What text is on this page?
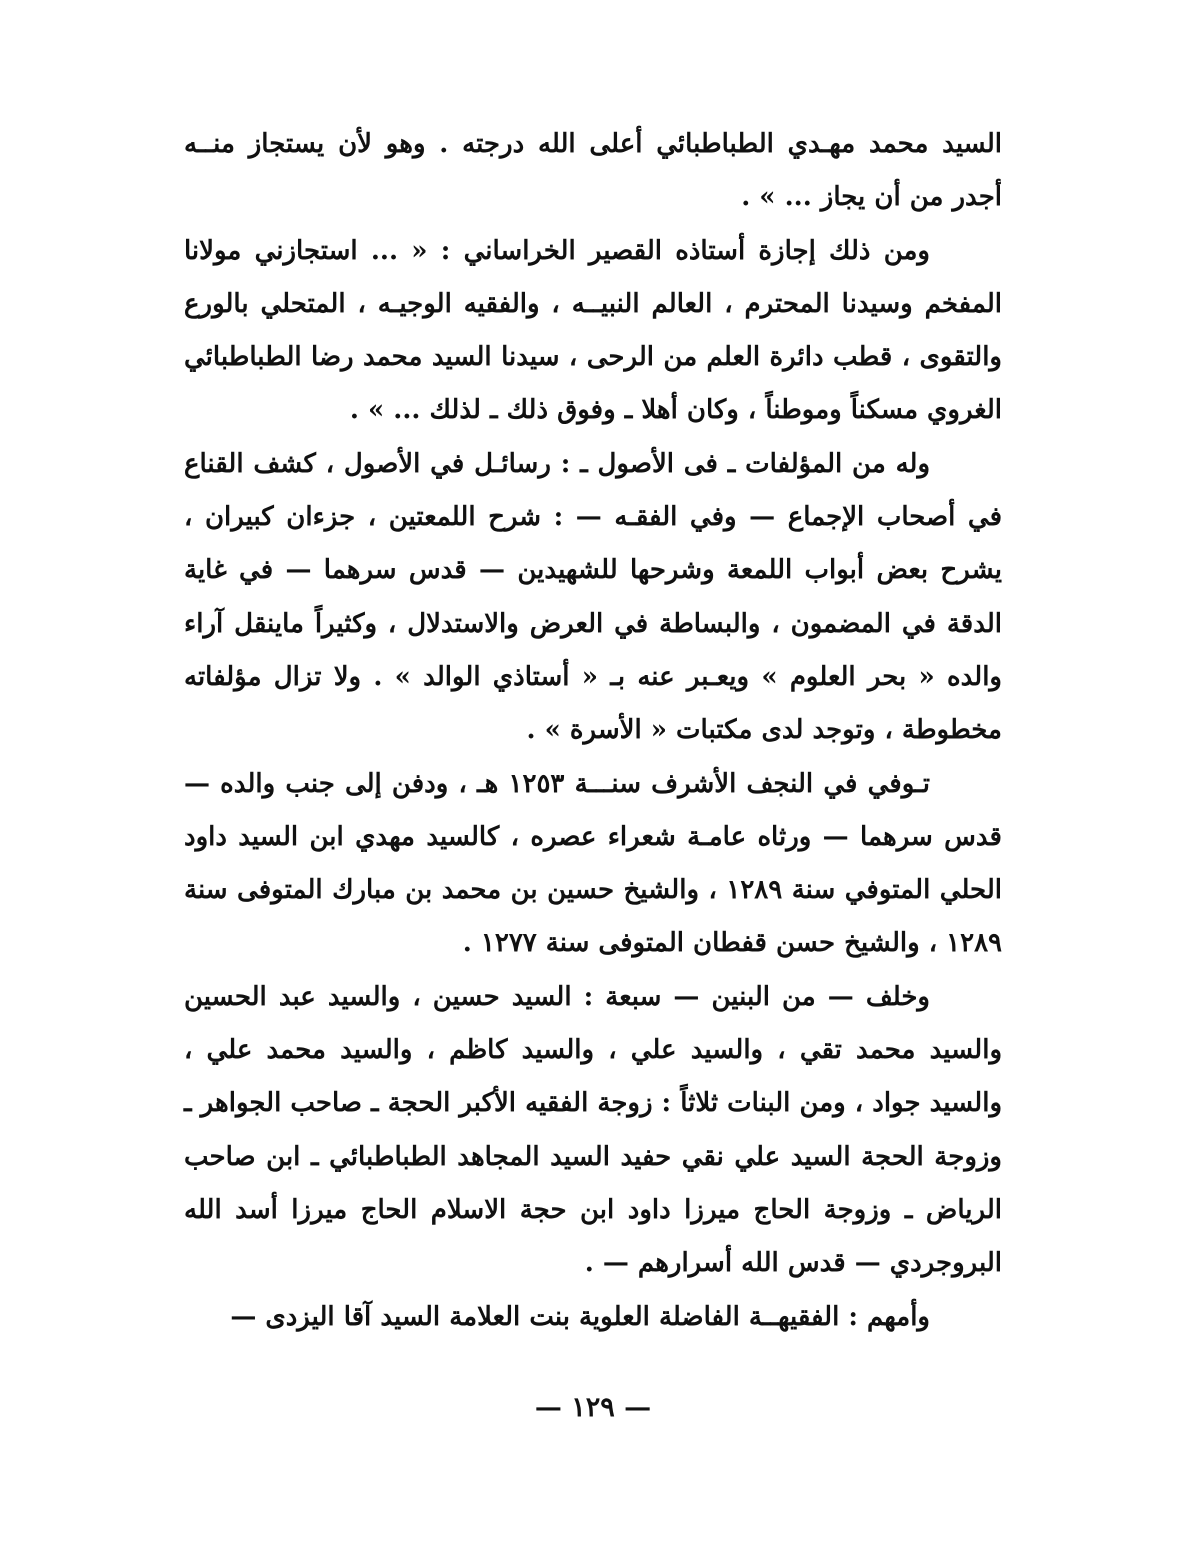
السيد محمد مهـدي الطباطبائي أعلى الله درجته . وهو لأن يستجاز منــه أجدر من أن يجاز ... » .

ومن ذلك إجازة أستاذه القصير الخراساني : « ... استجازني مولانا المفخم وسيدنا المحترم ، العالم النبيــه ، والفقيه الوجيـه ، المتحلي بالورع والتقوى ، قطب دائرة العلم من الرحى ، سيدنا السيد محمد رضا الطباطبائي الغروي مسكناً وموطناً ، وكان أهلا ـ وفوق ذلك ـ لذلك ... » .

وله من المؤلفات ـ فى الأصول ـ : رسائـل في الأصول ، كشف القناع في أصحاب الإجماع — وفي الفقـه — : شرح اللمعتين ، جزءان كبيران ، يشرح بعض أبواب اللمعة وشرحها للشهيدين — قدس سرهما — في غاية الدقة في المضمون ، والبساطة في العرض والاستدلال ، وكثيراً ماينقل آراء والده « بحر العلوم » ويعـبر عنه بـ « أستاذي الوالد » . ولا تزال مؤلفاته مخطوطة ، وتوجد لدى مكتبات « الأسرة » .

تـوفي في النجف الأشرف سنـــة ١٢٥٣ هـ ، ودفن إلى جنب والده — قدس سرهما — ورثاه عامـة شعراء عصره ، كالسيد مهدي ابن السيد داود الحلي المتوفي سنة ١٢٨٩ ، والشيخ حسين بن محمد بن مبارك المتوفى سنة ١٢٨٩ ، والشيخ حسن قفطان المتوفى سنة ١٢٧٧ .

وخلف — من البنين — سبعة : السيد حسين ، والسيد عبد الحسين والسيد محمد تقي ، والسيد علي ، والسيد كاظم ، والسيد محمد علي ، والسيد جواد ، ومن البنات ثلاثاً : زوجة الفقيه الأكبر الحجة ـ صاحب الجواهر ـ وزوجة الحجة السيد علي نقي حفيد السيد المجاهد الطباطبائي ـ ابن صاحب الرياض ـ وزوجة الحاج ميرزا داود ابن حجة الاسلام الحاج ميرزا أسد الله البروجردي — قدس الله أسرارهم — .

وأمهم : الفقيهــة الفاضلة العلوية بنت العلامة السيد آقا اليزدى —

— ١٢٩ —
